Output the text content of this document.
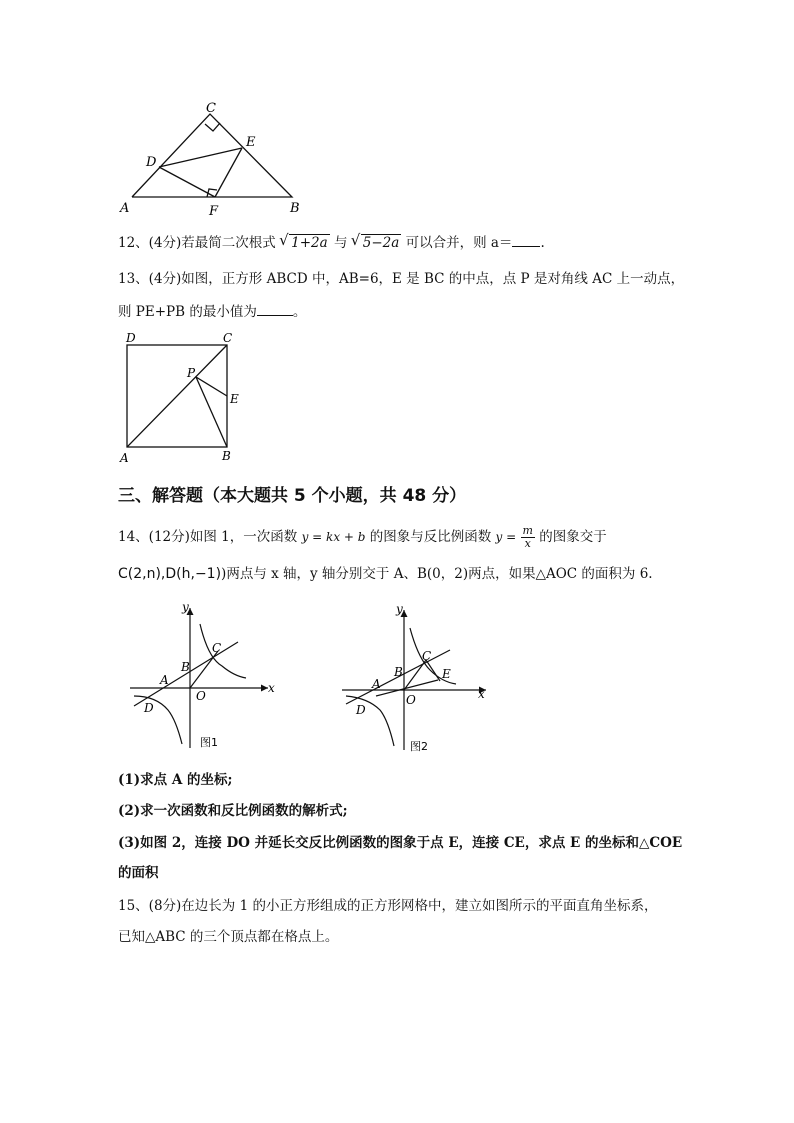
C
E
D
A	F	B
12、(4分)若最简二次根式 √ 1+2a 与 √ 5−2a 可以合并，则 a＝ .
13、(4分)如图，正方形 ABCD 中，AB=6，E 是 BC 的中点，点 P 是对角线 AC 上一动点，
则 PE+PB 的最小值为	。
D	C
P
E
A	B
三、解答题（本大题共 5 个小题，共 48 分）
14、(12分)如图 1，一次函数 y = kx + b 的图象与反比例函数 $y = \frac{m}{x}$ 的图象交于
C(2,n),D(h,−1))两点与 x 轴，y 轴分别交于 A、B(0，2)两点，如果△AOC 的面积为 6.
y
x
C
B
A
O
D
图1
y
x
C
B	E
A
O
D
图2
(1)求点 A 的坐标;
(2)求一次函数和反比例函数的解析式;
(3)如图 2，连接 DO 并延长交反比例函数的图象于点 E，连接 CE，求点 E 的坐标和△COE
的面积
15、(8分)在边长为 1 的小正方形组成的正方形网格中，建立如图所示的平面直角坐标系，
已知△ABC 的三个顶点都在格点上。
